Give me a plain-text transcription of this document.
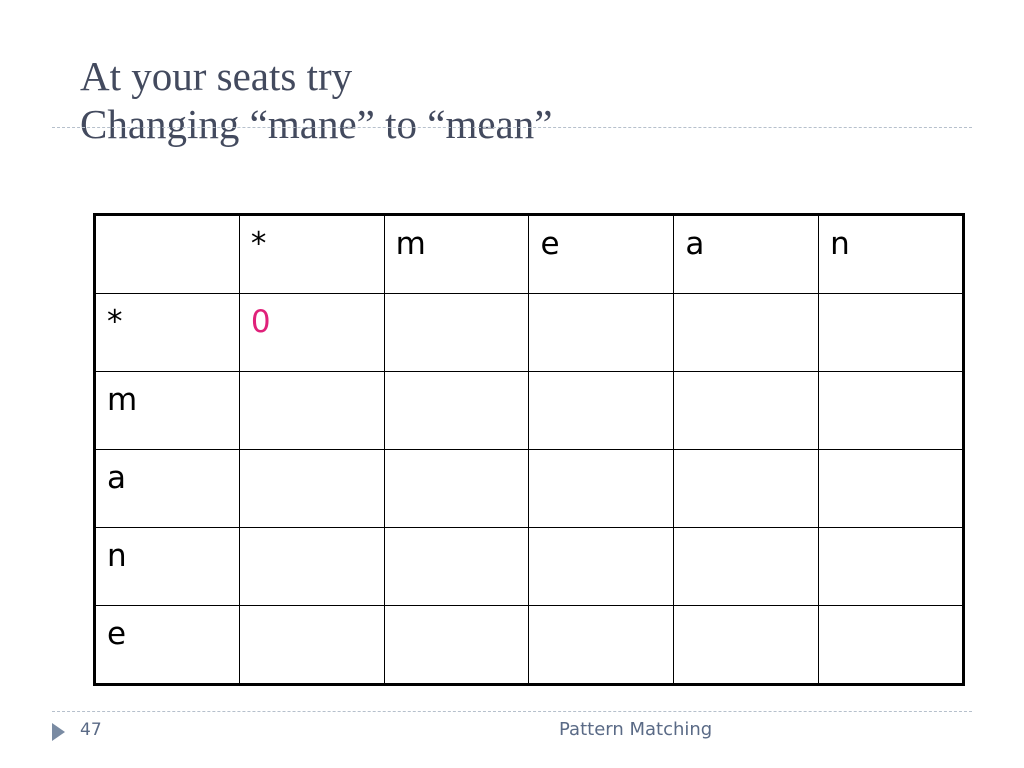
At your seats try
Changing “mane” to “mean”
	*	m	e	a	n
*	0				
m					
a					
n					
e					
47	Pattern Matching
